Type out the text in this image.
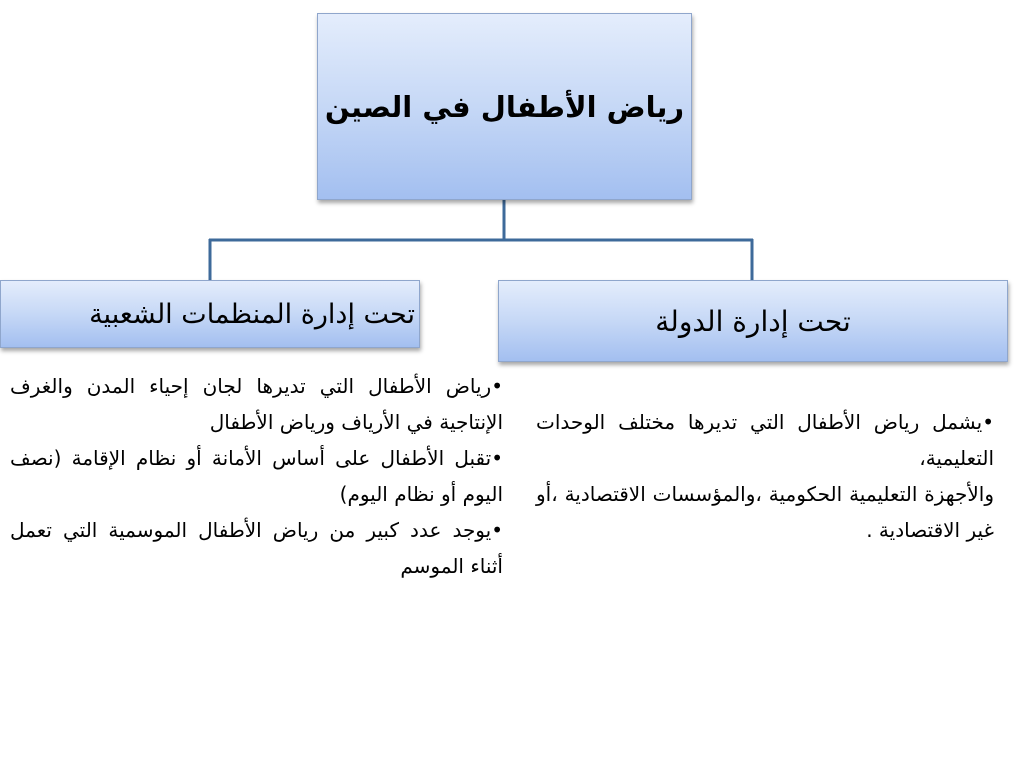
رياض الأطفال في الصين
تحت إدارة المنظمات الشعبية	تحت إدارة الدولة

•رياض الأطفال التي تديرها لجان إحياء المدن والغرف الإنتاجية في الأرياف ورياض الأطفال

•تقبل الأطفال على أساس الأمانة أو نظام الإقامة (نصف اليوم أو نظام اليوم)

•يوجد عدد كبير من رياض الأطفال الموسمية التي تعمل أثناء الموسم

•يشمل رياض الأطفال التي تديرها مختلف الوحدات التعليمية،

والأجهزة التعليمية الحكومية ،والمؤسسات الاقتصادية ،أو غير الاقتصادية .
